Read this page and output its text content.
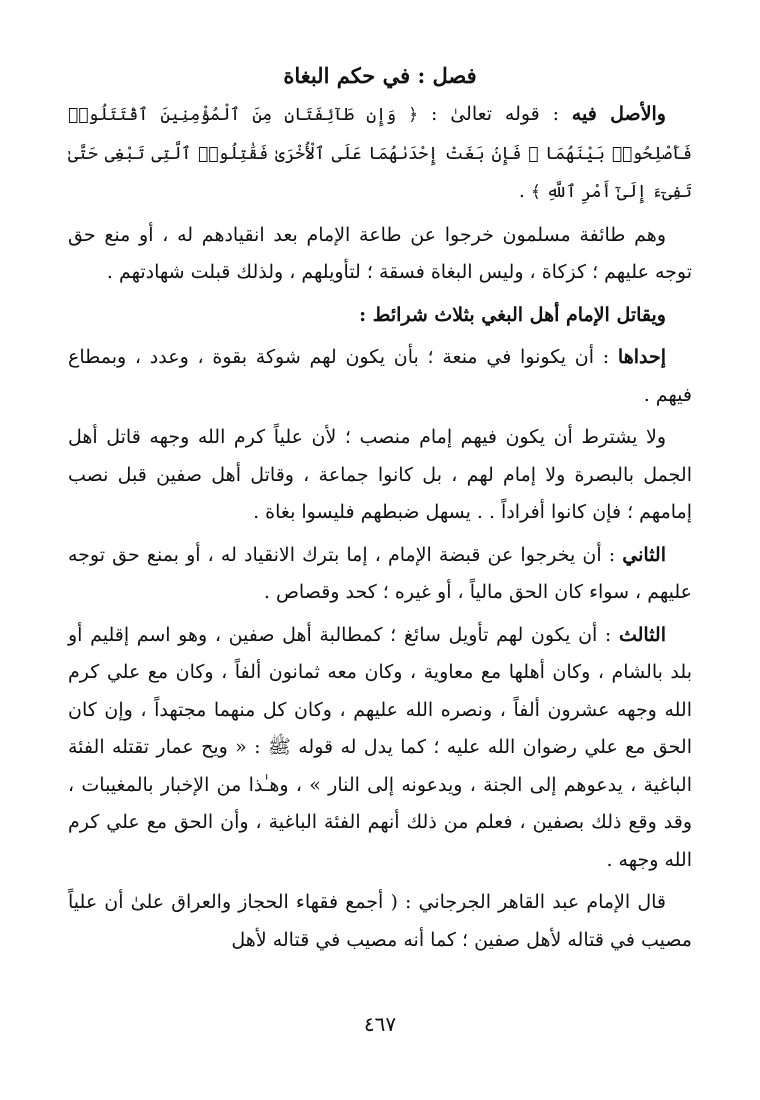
فصل : في حكم البغاة

والأصل فيه : قوله تعالىٰ : ﴿ وَإِن طَآئِفَتَانِ مِنَ ٱلْمُؤْمِنِينَ ٱقْتَتَلُوا۟ فَأَصْلِحُوا۟ بَيْنَهُمَا ۖ فَإِنۢ بَغَتْ إِحْدَىٰهُمَا عَلَى ٱلْأُخْرَىٰ فَقَٰتِلُوا۟ ٱلَّتِى تَبْغِى حَتَّىٰ تَفِىٓءَ إِلَىٰٓ أَمْرِ ٱللَّهِ ﴾ .

وهم طائفة مسلمون خرجوا عن طاعة الإمام بعد انقيادهم له ، أو منع حق توجه عليهم ؛ كزكاة ، وليس البغاة فسقة ؛ لتأويلهم ، ولذلك قبلت شهادتهم .

ويقاتل الإمام أهل البغي بثلاث شرائط :

إحداها : أن يكونوا في منعة ؛ بأن يكون لهم شوكة بقوة ، وعدد ، وبمطاع فيهم .

ولا يشترط أن يكون فيهم إمام منصب ؛ لأن علياً كرم الله وجهه قاتل أهل الجمل بالبصرة ولا إمام لهم ، بل كانوا جماعة ، وقاتل أهل صفين قبل نصب إمامهم ؛ فإن كانوا أفراداً . . يسهل ضبطهم فليسوا بغاة .

الثاني : أن يخرجوا عن قبضة الإمام ، إما بترك الانقياد له ، أو بمنع حق توجه عليهم ، سواء كان الحق مالياً ، أو غيره ؛ كحد وقصاص .

الثالث : أن يكون لهم تأويل سائغ ؛ كمطالبة أهل صفين ، وهو اسم إقليم أو بلد بالشام ، وكان أهلها مع معاوية ، وكان معه ثمانون ألفاً ، وكان مع علي كرم الله وجهه عشرون ألفاً ، ونصره الله عليهم ، وكان كل منهما مجتهداً ، وإن كان الحق مع علي رضوان الله عليه ؛ كما يدل له قوله ﷺ : « ويح عمار تقتله الفئة الباغية ، يدعوهم إلى الجنة ، ويدعونه إلى النار » ، وهـٰذا من الإخبار بالمغيبات ، وقد وقع ذلك بصفين ، فعلم من ذلك أنهم الفئة الباغية ، وأن الحق مع علي كرم الله وجهه .

قال الإمام عبد القاهر الجرجاني : ( أجمع فقهاء الحجاز والعراق علىٰ أن علياً مصيب في قتاله لأهل صفين ؛ كما أنه مصيب في قتاله لأهل

٤٦٧
